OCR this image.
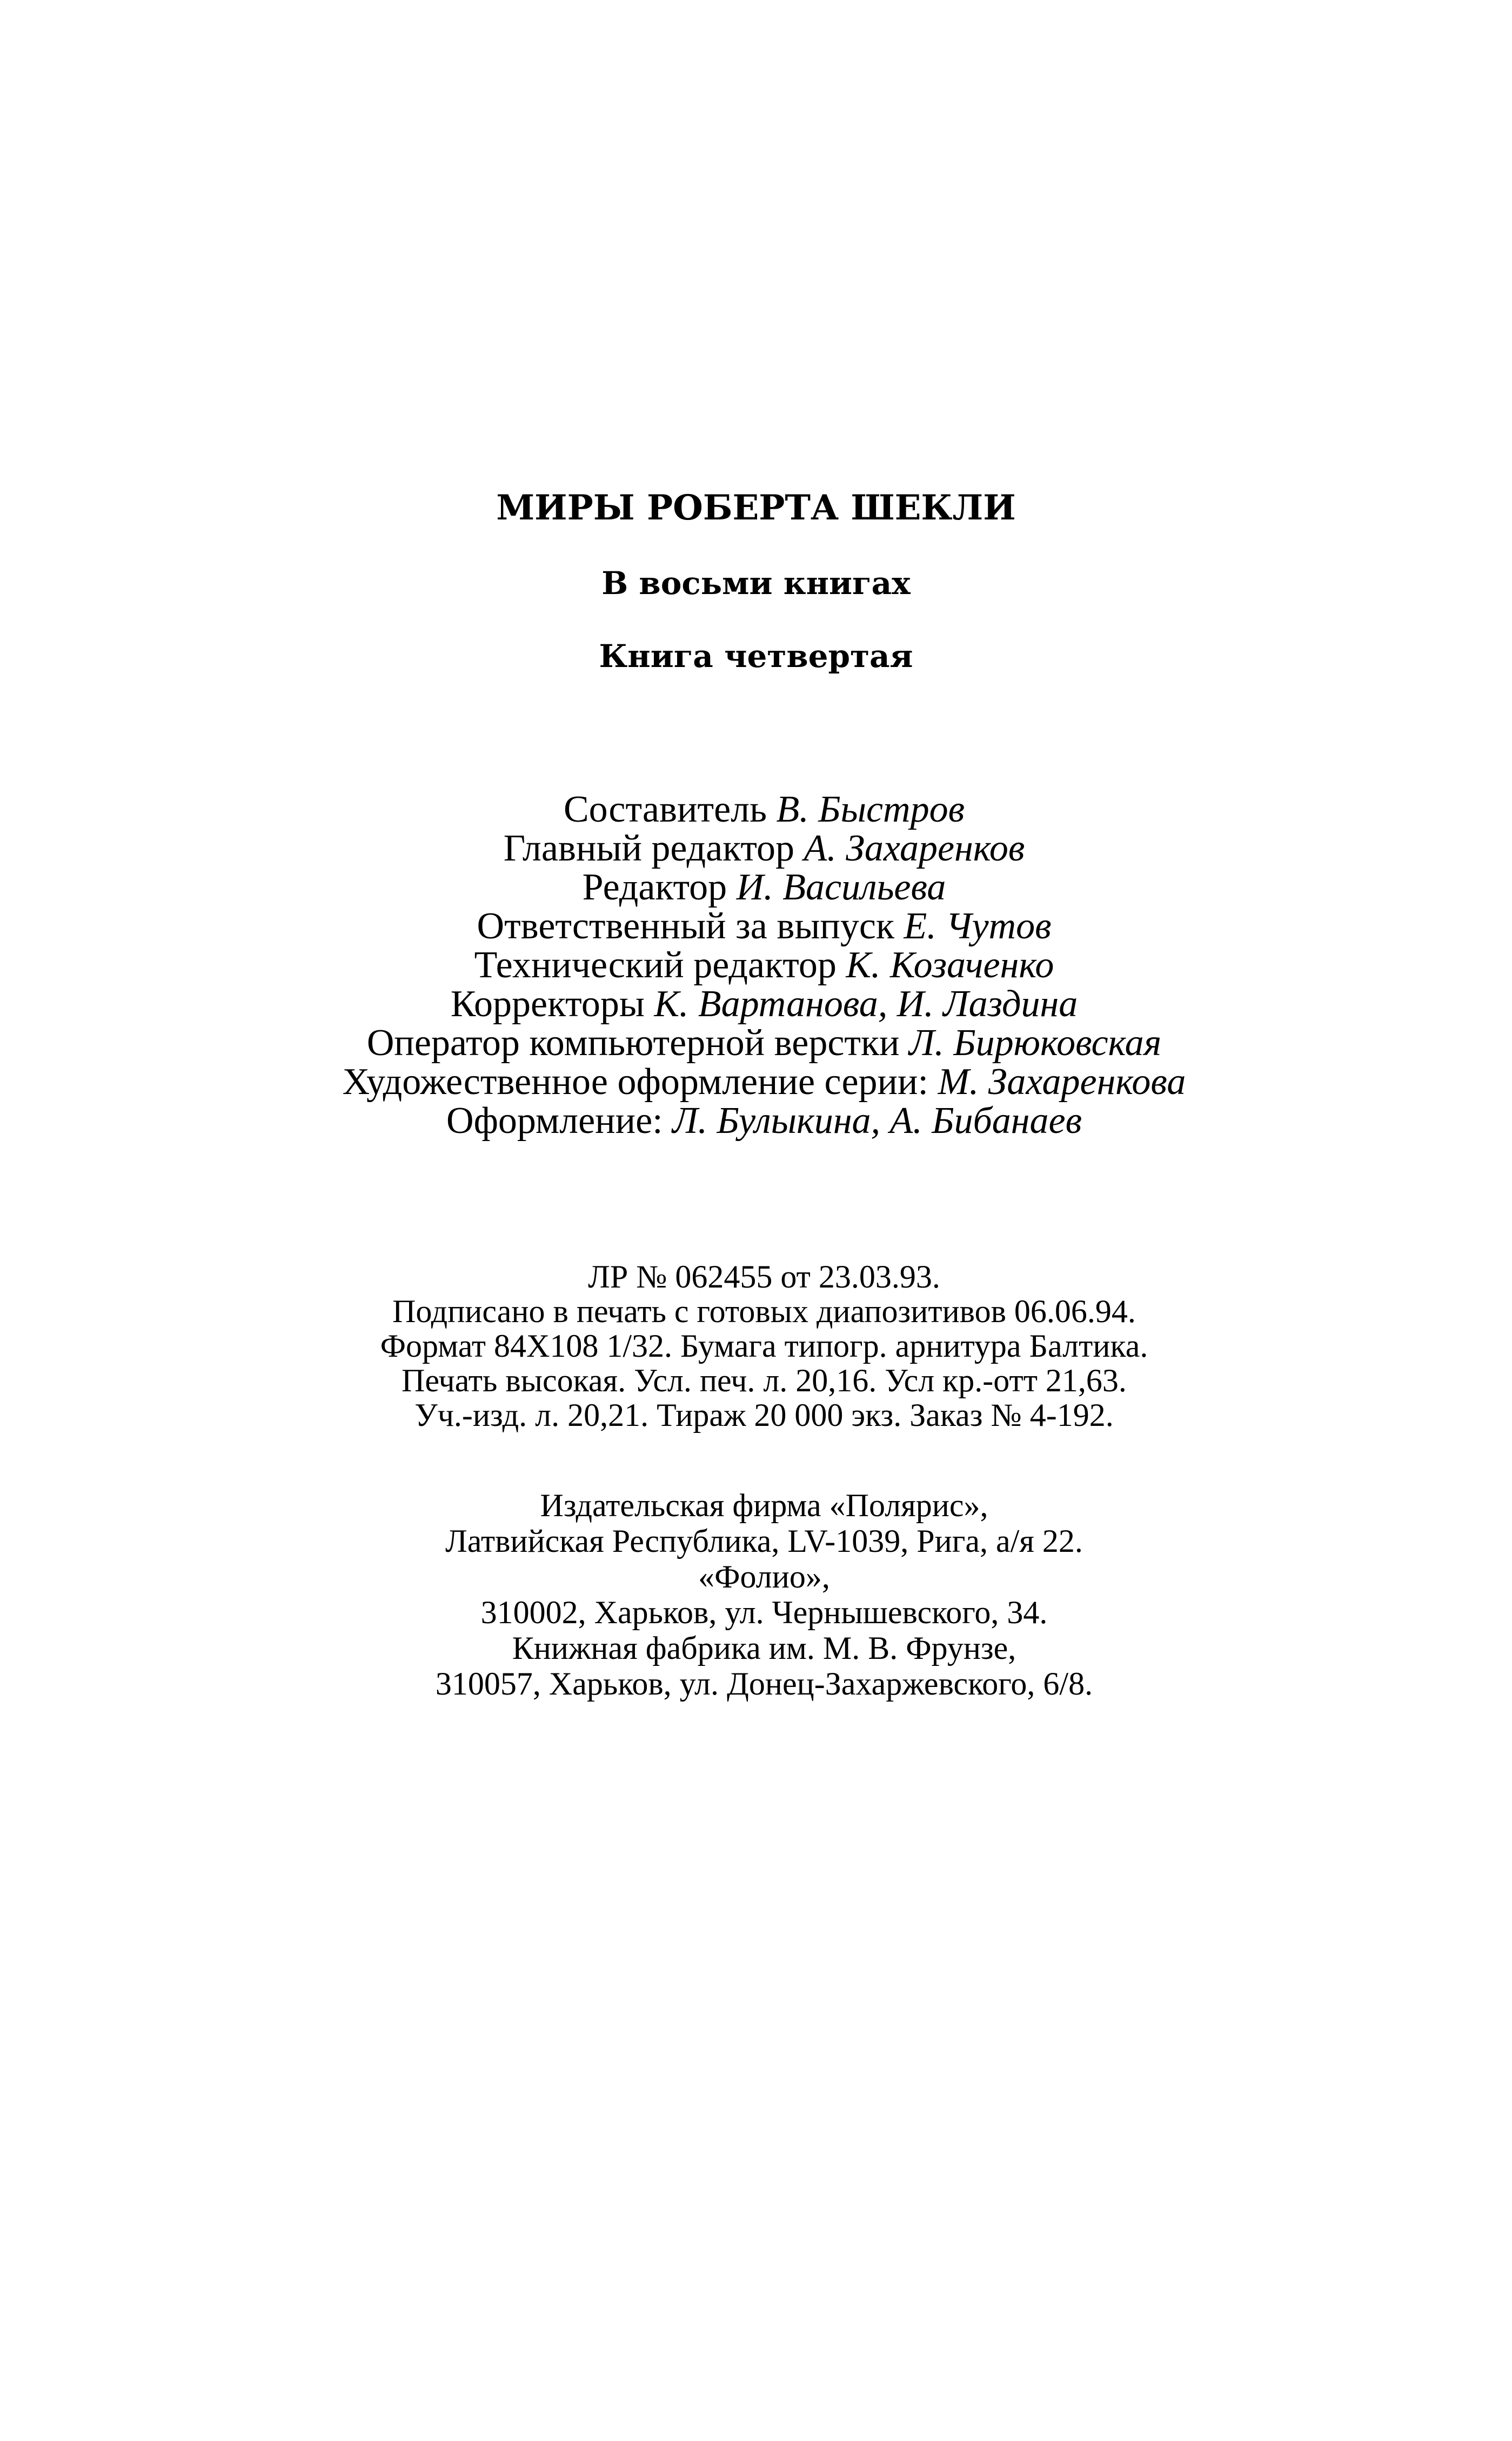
МИРЫ РОБЕРТА ШЕКЛИ
В восьми книгах
Книга четвертая
Составитель В. Быстров
Главный редактор А. Захаренков
Редактор И. Васильева
Ответственный за выпуск Е. Чутов
Технический редактор К. Козаченко
Корректоры К. Вартанова, И. Лаздина
Оператор компьютерной верстки Л. Бирюковская
Художественное оформление серии: М. Захаренкова
Оформление: Л. Булыкина, А. Бибанаев
ЛР № 062455 от 23.03.93.
Подписано в печать с готовых диапозитивов 06.06.94.
Формат 84Х108 1/32. Бумага типогр. арнитура Балтика.
Печать высокая. Усл. печ. л. 20,16. Усл кр.-отт 21,63.
Уч.-изд. л. 20,21. Тираж 20 000 экз. Заказ № 4-192.
Издательская фирма «Полярис»,
Латвийская Республика, LV-1039, Рига, а/я 22.
«Фолио»,
310002, Харьков, ул. Чернышевского, 34.
Книжная фабрика им. М. В. Фрунзе,
310057, Харьков, ул. Донец-Захаржевского, 6/8.
